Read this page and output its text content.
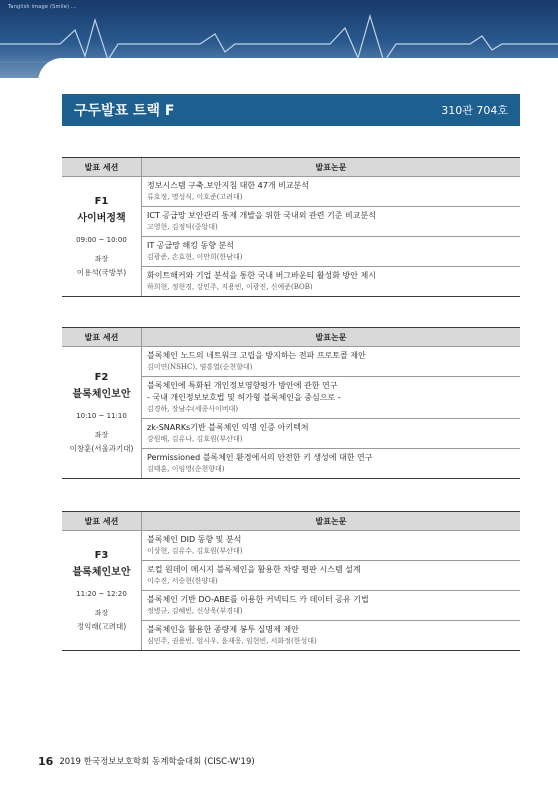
Tanglish image (Smile) ...
구두발표 트랙 F	310관 704호
발표 세션	발표논문
F1
사이버정책
09:00 ~ 10:00
좌장
이용석(국방부)
정보시스템 구축.보안지침 대한 47개 비교분석
류호정, 명성식, 이호준(고려대)
ICT 공급망 보안관리 통제 개발을 위한 국내외 관련 기준 비교분석
고영현, 김정덕(중앙대)
IT 공급망 해킹 동향 분석
김광준, 손효현, 이만희(한남대)
화이트해커와 기업 분석을 통한 국내 버그바운티 활성화 방안 제시
하희현, 정현경, 강민주, 지용빈, 이광진, 신예준(BOB)
발표 세션	발표논문
F2
블록체인보안
10:10 ~ 11:10
좌장
이창훈(서울과기대)
블록체인 노드의 네트워크 고립을 방지하는 전파 프로토콜 제안
김미연(NSHC), 염흥열(순천향대)
블록체인에 특화된 개인정보영향평가 방안에 관한 연구
- 국내 개인정보보호법 및 허가형 블록체인을 중심으로 -
김경하, 장남수(세종사이버대)
zk-SNARKs기반 블록체인 익명 인증 아키텍처
강원배, 김유나, 김호원(부산대)
Permissioned 블록체인 환경에서의 안전한 키 생성에 대한 연구
김태훈, 이임영(순천향대)
발표 세션	발표논문
F3
블록체인보안
11:20 ~ 12:20
좌장
정익래(고려대)
블록체인 DID 동향 및 분석
이상현, 김유수, 김호원(부산대)
로컬 원데이 메시지 블록체인을 활용한 차량 평판 시스템 설계
이수진, 서승현(한양대)
블록체인 기반 DO-ABE를 이용한 커넥티드 카 데이터 공유 기법
정병규, 김혜빈, 신상욱(부경대)
블록체인을 활용한 종량제 봉투 실명제 제안
심민주, 권용빈, 엄시우, 윤재웅, 임현빈, 서화정(한성대)
16 2019 한국정보보호학회 동계학술대회 (CISC-W'19)
